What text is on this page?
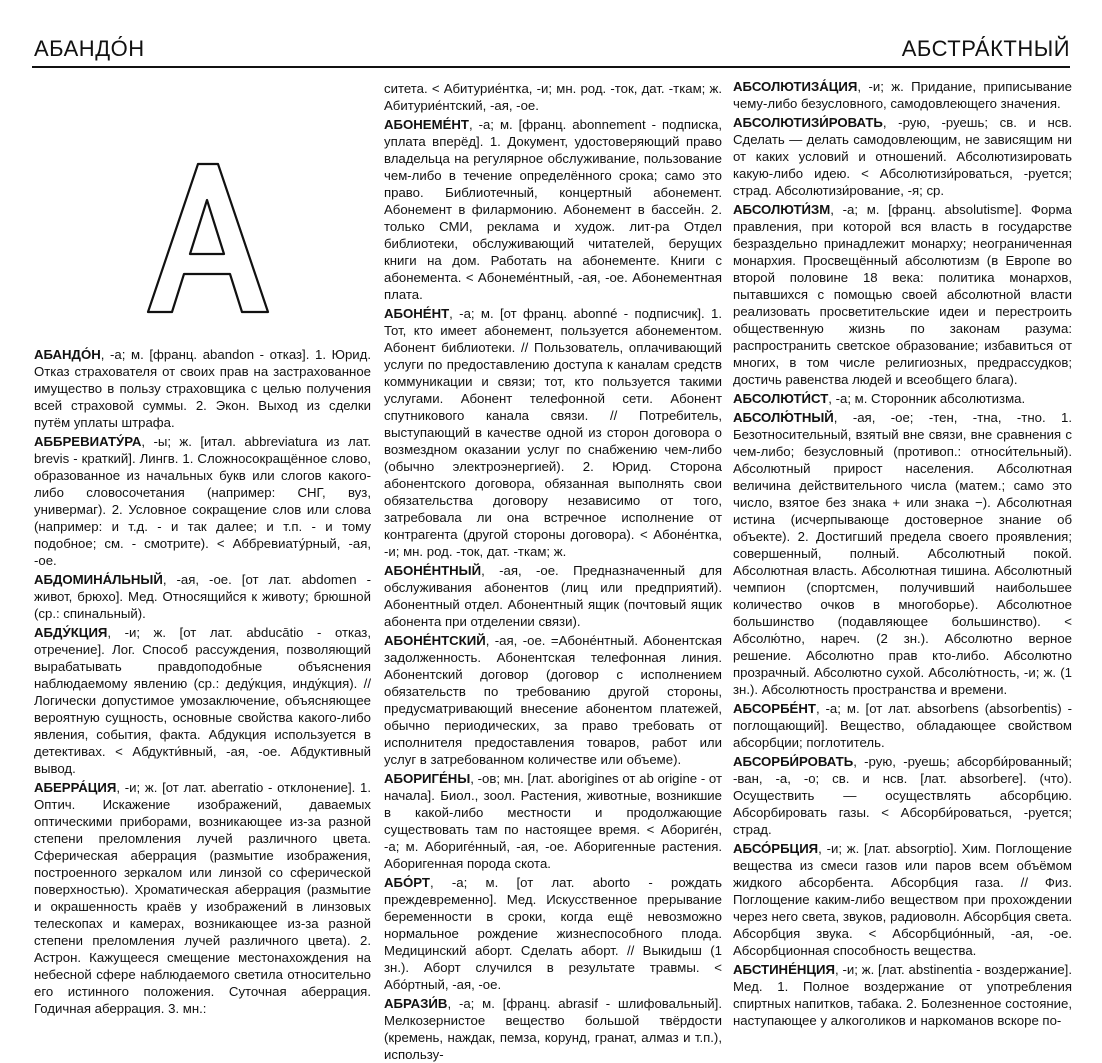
АБАНДО́Н	АБСТРА́КТНЫЙ

АБАНДО́Н, -а; м. [франц. abandon - отказ]. 1. Юрид. Отказ страхователя от своих прав на застрахованное имущество в пользу страховщика с целью получения всей страховой суммы. 2. Экон. Выход из сделки путём уплаты штрафа.

АББРЕВИАТУ́РА, -ы; ж. [итал. abbreviatura из лат. brevis - краткий]. Лингв. 1. Сложносокращённое слово, образованное из начальных букв или слогов какого-либо словосочетания (например: СНГ, вуз, универмаг). 2. Условное сокращение слов или слова (например: и т.д. - и так далее; и т.п. - и тому подобное; см. - смотрите). < Аббревиату́рный, -ая, -ое.

АБДОМИНА́ЛЬНЫЙ, -ая, -ое. [от лат. abdomen - живот, брюхо]. Мед. Относящийся к животу; брюшной (ср.: спинальный).

АБДУ́КЦИЯ, -и; ж. [от лат. abducātio - отказ, отречение]. Лог. Способ рассуждения, позволяющий вырабатывать правдоподобные объяснения наблюдаемому явлению (ср.: деду́кция, инду́кция). // Логически допустимое умозаключение, объясняющее вероятную сущность, основные свойства какого-либо явления, события, факта. Абдукция используется в детективах. < Абдукти́вный, -ая, -ое. Абдуктивный вывод.

АБЕРРА́ЦИЯ, -и; ж. [от лат. aberratio - отклонение]. 1. Оптич. Искажение изображений, даваемых оптическими приборами, возникающее из-за разной степени преломления лучей различного цвета. Сферическая аберрация (размытие изображения, построенного зеркалом или линзой со сферической поверхностью). Хроматическая аберрация (размытие и окрашенность краёв у изображений в линзовых телескопах и камерах, возникающее из-за разной степени преломления лучей различного цвета). 2. Астрон. Кажущееся смещение местонахождения на небесной сфере наблюдаемого светила относительно его истинного положения. Суточная аберрация. Годичная аберрация. 3. мн.:

ситета. < Абитурие́нтка, -и; мн. род. -ток, дат. -ткам; ж. Абитурие́нтский, -ая, -ое.

АБОНЕМЕ́НТ, -а; м. [франц. abonnement - подписка, уплата вперёд]. 1. Документ, удостоверяющий право владельца на регулярное обслуживание, пользование чем-либо в течение определённого срока; само это право. Библиотечный, концертный абонемент. Абонемент в филармонию. Абонемент в бассейн. 2. только СМИ, реклама и худож. лит-ра Отдел библиотеки, обслуживающий читателей, берущих книги на дом. Работать на абонементе. Книги с абонемента. < Абонеме́нтный, -ая, -ое. Абонементная плата.

АБОНЕ́НТ, -а; м. [от франц. abonné - подписчик]. 1. Тот, кто имеет абонемент, пользуется абонементом. Абонент библиотеки. // Пользователь, оплачивающий услуги по предоставлению доступа к каналам средств коммуникации и связи; тот, кто пользуется такими услугами. Абонент телефонной сети. Абонент спутникового канала связи. // Потребитель, выступающий в качестве одной из сторон договора о возмездном оказании услуг по снабжению чем-либо (обычно электроэнергией). 2. Юрид. Сторона абонентского договора, обязанная выполнять свои обязательства договору независимо от того, затребовала ли она встречное исполнение от контрагента (другой стороны договора). < Абоне́нтка, -и; мн. род. -ток, дат. -ткам; ж.

АБОНЕ́НТНЫЙ, -ая, -ое. Предназначенный для обслуживания абонентов (лиц или предприятий). Абонентный отдел. Абонентный ящик (почтовый ящик абонента при отделении связи).

АБОНЕ́НТСКИЙ, -ая, -ое. =Абоне́нтный. Абонентская задолженность. Абонентская телефонная линия. Абонентский договор (договор с исполнением обязательств по требованию другой стороны, предусматривающий внесение абонентом платежей, обычно периодических, за право требовать от исполнителя предоставления товаров, работ или услуг в затребованном количестве или объеме).

АБОРИГЕ́НЫ, -ов; мн. [лат. aborigines от ab origine - от начала]. Биол., зоол. Растения, животные, возникшие в какой-либо местности и продолжающие существовать там по настоящее время. < Абориге́н, -а; м. Абориге́нный, -ая, -ое. Аборигенные растения. Аборигенная порода скота.

АБО́РТ, -а; м. [от лат. aborto - рождать преждевременно]. Мед. Искусственное прерывание беременности в сроки, когда ещё невозможно нормальное рождение жизнеспособного плода. Медицинский аборт. Сделать аборт. // Выкидыш (1 зн.). Аборт случился в результате травмы. < Або́ртный, -ая, -ое.

АБРАЗИ́В, -а; м. [франц. abrasif - шлифовальный]. Мелкозернистое вещество большой твёрдости (кремень, наждак, пемза, корунд, гранат, алмаз и т.п.), использу-

АБСОЛЮТИЗА́ЦИЯ, -и; ж. Придание, приписывание чему-либо безусловного, самодовлеющего значения.

АБСОЛЮТИЗИ́РОВАТЬ, -рую, -руешь; св. и нсв. Сделать — делать самодовлеющим, не зависящим ни от каких условий и отношений. Абсолютизировать какую-либо идею. < Абсолютизи́роваться, -руется; страд. Абсолютизи́рование, -я; ср.

АБСОЛЮТИ́ЗМ, -а; м. [франц. absolutisme]. Форма правления, при которой вся власть в государстве безраздельно принадлежит монарху; неограниченная монархия. Просвещённый абсолютизм (в Европе во второй половине 18 века: политика монархов, пытавшихся с помощью своей абсолютной власти реализовать просветительские идеи и перестроить общественную жизнь по законам разума: распространить светское образование; избавиться от многих, в том числе религиозных, предрассудков; достичь равенства людей и всеобщего блага).

АБСОЛЮТИ́СТ, -а; м. Сторонник абсолютизма.

АБСОЛЮ́ТНЫЙ, -ая, -ое; -тен, -тна, -тно. 1. Безотносительный, взятый вне связи, вне сравнения с чем-либо; безусловный (противоп.: относи́тельный). Абсолютный прирост населения. Абсолютная величина действительного числа (матем.; само это число, взятое без знака + или знака −). Абсолютная истина (исчерпывающе достоверное знание об объекте). 2. Достигший предела своего проявления; совершенный, полный. Абсолютный покой. Абсолютная власть. Абсолютная тишина. Абсолютный чемпион (спортсмен, получивший наибольшее количество очков в многоборье). Абсолютное большинство (подавляющее большинство). < Абсолю́тно, нареч. (2 зн.). Абсолютно верное решение. Абсолютно прав кто-либо. Абсолютно прозрачный. Абсолютно сухой. Абсолю́тность, -и; ж. (1 зн.). Абсолютность пространства и времени.

АБСОРБЕ́НТ, -а; м. [от лат. absorbens (absorbentis) - поглощающий]. Вещество, обладающее свойством абсорбции; поглотитель.

АБСОРБИ́РОВАТЬ, -рую, -руешь; абсорби́рованный; -ван, -а, -о; св. и нсв. [лат. absorbere]. (что). Осуществить — осуществлять абсорбцию. Абсорбировать газы. < Абсорби́роваться, -руется; страд.

АБСО́РБЦИЯ, -и; ж. [лат. absorptio]. Хим. Поглощение вещества из смеси газов или паров всем объёмом жидкого абсорбента. Абсорбция газа. // Физ. Поглощение каким-либо веществом при прохождении через него света, звуков, радиоволн. Абсорбция света. Абсорбция звука. < Абсорбцио́нный, -ая, -ое. Абсорбционная способность вещества.

АБСТИНЕ́НЦИЯ, -и; ж. [лат. abstinentia - воздержание]. Мед. 1. Полное воздержание от употребления спиртных напитков, табака. 2. Болезненное состояние, наступающее у алкоголиков и наркоманов вскоре по-
